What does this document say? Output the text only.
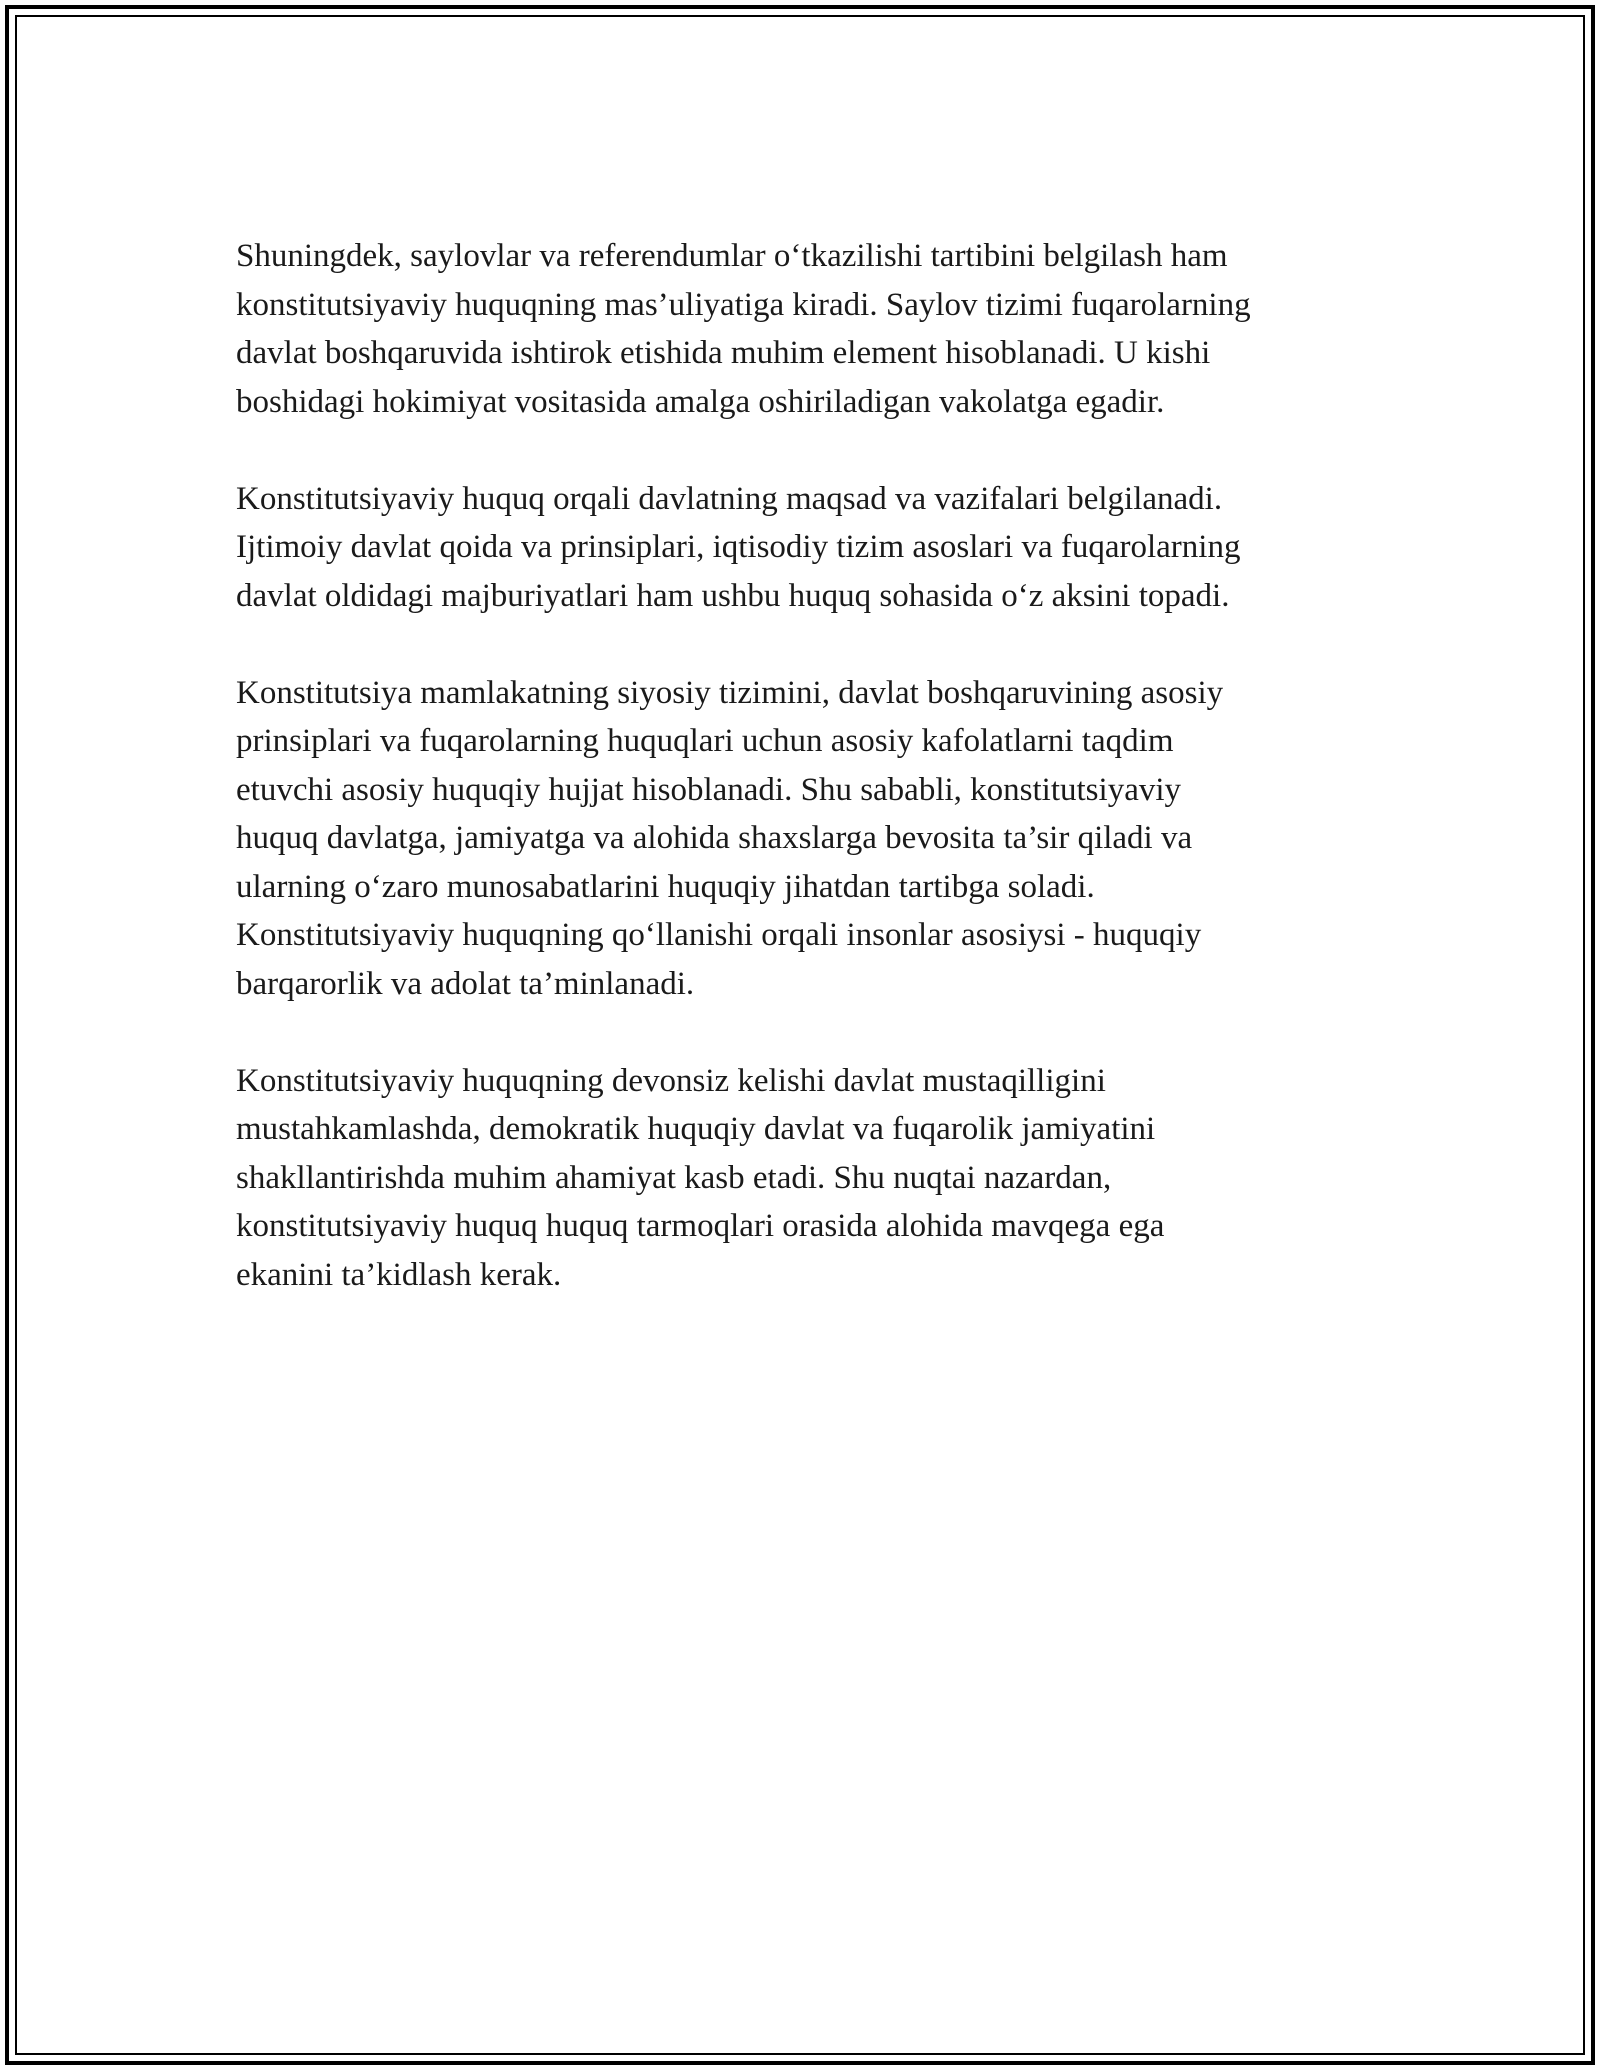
Shuningdek, saylovlar va referendumlar o‘tkazilishi tartibini belgilash ham
konstitutsiyaviy huquqning mas’uliyatiga kiradi. Saylov tizimi fuqarolarning
davlat boshqaruvida ishtirok etishida muhim element hisoblanadi. U kishi
boshidagi hokimiyat vositasida amalga oshiriladigan vakolatga egadir.

Konstitutsiyaviy huquq orqali davlatning maqsad va vazifalari belgilanadi.
Ijtimoiy davlat qoida va prinsiplari, iqtisodiy tizim asoslari va fuqarolarning
davlat oldidagi majburiyatlari ham ushbu huquq sohasida o‘z aksini topadi.

Konstitutsiya mamlakatning siyosiy tizimini, davlat boshqaruvining asosiy
prinsiplari va fuqarolarning huquqlari uchun asosiy kafolatlarni taqdim
etuvchi asosiy huquqiy hujjat hisoblanadi. Shu sababli, konstitutsiyaviy
huquq davlatga, jamiyatga va alohida shaxslarga bevosita ta’sir qiladi va
ularning o‘zaro munosabatlarini huquqiy jihatdan tartibga soladi.
Konstitutsiyaviy huquqning qo‘llanishi orqali insonlar asosiysi - huquqiy
barqarorlik va adolat ta’minlanadi.

Konstitutsiyaviy huquqning devonsiz kelishi davlat mustaqilligini
mustahkamlashda, demokratik huquqiy davlat va fuqarolik jamiyatini
shakllantirishda muhim ahamiyat kasb etadi. Shu nuqtai nazardan,
konstitutsiyaviy huquq huquq tarmoqlari orasida alohida mavqega ega
ekanini ta’kidlash kerak.
